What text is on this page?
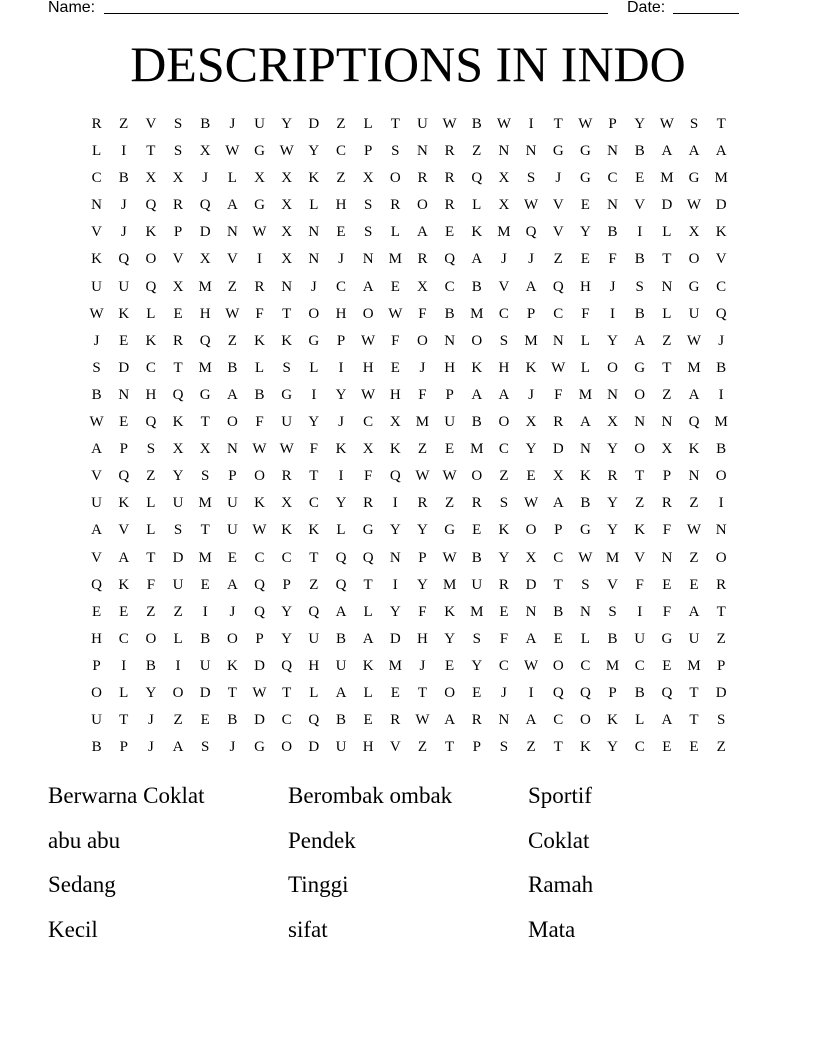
Name:	Date:
DESCRIPTIONS IN INDO
R	Z	V	S	B	J	U	Y	D	Z	L	T	U W	B	W	I	T	W	P	Y W	S	T
L	I	T	S	X W G W Y	C	P	S	N	R	Z	N	N	G	G	N	B	A	A	A
C	B	X	X	J	L	X	X	K	Z	X	O	R	R	Q	X	S	J	G	C	E	M	G	M
N	J	Q	R	Q	A	G	X	L	H	S	R	O	R	L	X W V	E	N	V	D W D
V	J	K	P	D	N W X	N	E	S	L	A	E	K	M	Q	V	Y	B	I	L	X	K
K	Q	O	V	X	V	I	X	N	J	N	M	R	Q	A	J	J	Z	E	F	B	T	O	V
U	U	Q	X	M	Z	R	N	J	C	A	E	X	C	B	V	A	Q	H	J	S	N	G	C
W K	L	E	H W	F	T	O	H	O W	F	B	M	C	P	C	F	I	B	L	U	Q
J	E	K	R	Q	Z	K	K	G	P	W	F	O	N	O	S	M	N	L	Y	A	Z	W	J
S	D	C	T	M	B	L	S	L	I	H	E	J	H	K	H	K W	L	O	G	T	M	B
B	N	H	Q	G	A	B	G	I	Y W H	F	P	A	A	J	F	M	N	O	Z	A	I
W	E	Q	K	T	O	F	U	Y	J	C	X	M	U	B	O	X	R	A	X	N	N	Q	M
A	P	S	X	X	N W W	F	K	X	K	Z	E	M	C	Y	D	N	Y	O	X	K	B
V	Q	Z	Y	S	P	O	R	T	I	F	Q W W O	Z	E	X	K	R	T	P	N	O
U	K	L	U	M	U	K	X	C	Y	R	I	R	Z	R	S	W A	B	Y	Z	R	Z	I
A	V	L	S	T	U W K	K	L	G	Y	Y	G	E	K	O	P	G	Y	K	F	W N
V	A	T	D	M	E	C	C	T	Q	Q	N	P	W	B	Y	X	C	W M	V	N	Z	O
Q	K	F	U	E	A	Q	P	Z	Q	T	I	Y	M	U	R	D	T	S	V	F	E	E	R
E	E	Z	Z	I	J	Q	Y	Q	A	L	Y	F	K	M	E	N	B	N	S	I	F	A	T
H	C	O	L	B	O	P	Y	U	B	A	D	H	Y	S	F	A	E	L	B	U	G	U	Z
P	I	B	I	U	K	D	Q	H	U	K	M	J	E	Y	C	W O	C	M	C	E	M	P
O	L	Y	O	D	T	W	T	L	A	L	E	T	O	E	J	I	Q	Q	P	B	Q	T	D
U	T	J	Z	E	B	D	C	Q	B	E	R	W A	R	N	A	C	O	K	L	A	T	S
B	P	J	A	S	J	G	O	D	U	H	V	Z	T	P	S	Z	T	K	Y	C	E	E	Z
Berwarna Coklat	Berombak ombak	Sportif
abu abu	Pendek	Coklat
Sedang	Tinggi	Ramah
Kecil	sifat	Mata
